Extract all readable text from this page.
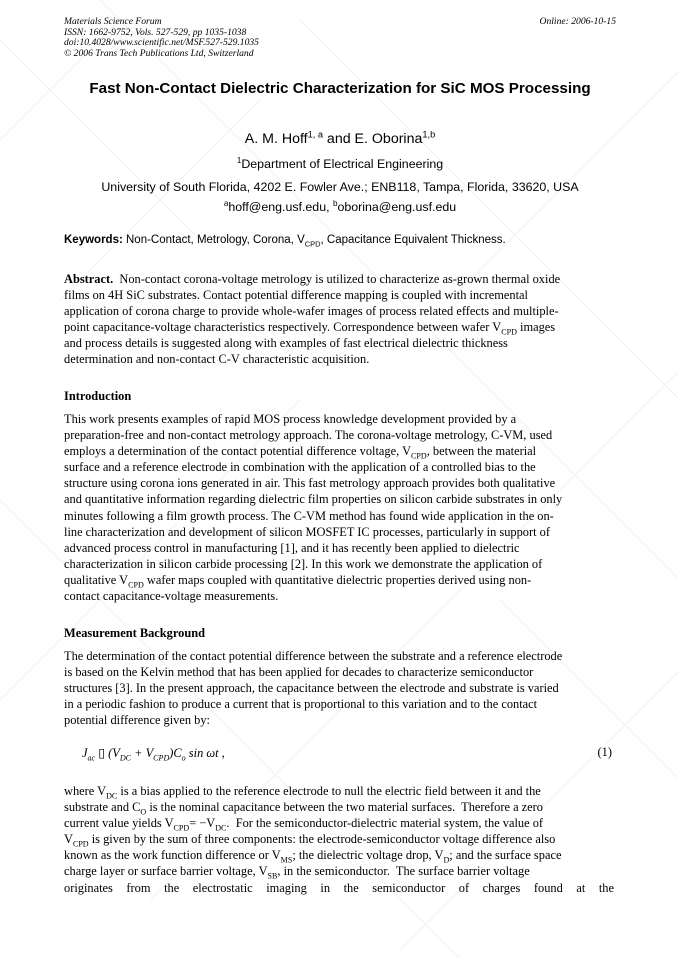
Materials Science Forum
ISSN: 1662-9752, Vols. 527-529, pp 1035-1038
doi:10.4028/www.scientific.net/MSF.527-529.1035
© 2006 Trans Tech Publications Ltd, Switzerland
Online: 2006-10-15
Fast Non-Contact Dielectric Characterization for SiC MOS Processing
A. M. Hoff$^{1, a}$ and E. Oborina$^{1,b}$
$^1$Department of Electrical Engineering
University of South Florida, 4202 E. Fowler Ave.; ENB118, Tampa, Florida, 33620, USA
$^a$hoff@eng.usf.edu, $^b$oborina@eng.usf.edu
Keywords: Non-Contact, Metrology, Corona, $V_{CPD}$, Capacitance Equivalent Thickness.
Abstract.  Non-contact corona-voltage metrology is utilized to characterize as-grown thermal oxide
films on 4H SiC substrates. Contact potential difference mapping is coupled with incremental
application of corona charge to provide whole-wafer images of process related effects and multiple-
point capacitance-voltage characteristics respectively. Correspondence between wafer $V_{CPD}$ images
and process details is suggested along with examples of fast electrical dielectric thickness
determination and non-contact C-V characteristic acquisition.
Introduction
This work presents examples of rapid MOS process knowledge development provided by a
preparation-free and non-contact metrology approach. The corona-voltage metrology, C-VM, used
employs a determination of the contact potential difference voltage, $V_{CPD}$, between the material
surface and a reference electrode in combination with the application of a controlled bias to the
structure using corona ions generated in air. This fast metrology approach provides both qualitative
and quantitative information regarding dielectric film properties on silicon carbide substrates in only
minutes following a film growth process. The C-VM method has found wide application in the on-
line characterization and development of silicon MOSFET IC processes, particularly in support of
advanced process control in manufacturing [1], and it has recently been applied to dielectric
characterization in silicon carbide processing [2]. In this work we demonstrate the application of
qualitative $V_{CPD}$ wafer maps coupled with quantitative dielectric properties derived using non-
contact capacitance-voltage measurements.
Measurement Background
The determination of the contact potential difference between the substrate and a reference electrode
is based on the Kelvin method that has been applied for decades to characterize semiconductor
structures [3]. In the present approach, the capacitance between the electrode and substrate is varied
in a periodic fashion to produce a current that is proportional to this variation and to the contact
potential difference given by:
$J_{ac}$ ▯ $(V_{DC} + V_{CPD})C_o$ sin ωt ,	(1)
where $V_{DC}$ is a bias applied to the reference electrode to null the electric field between it and the
substrate and $C_O$ is the nominal capacitance between the two material surfaces.  Therefore a zero
current value yields $V_{CPD}= -V_{DC}$.  For the semiconductor-dielectric material system, the value of
$V_{CPD}$ is given by the sum of three components: the electrode-semiconductor voltage difference also
known as the work function difference or $V_{MS}$; the dielectric voltage drop, $V_D$; and the surface space
charge layer or surface barrier voltage, $V_{SB}$, in the semiconductor.  The surface barrier voltage
originates from the electrostatic imaging in the semiconductor of charges found at the
